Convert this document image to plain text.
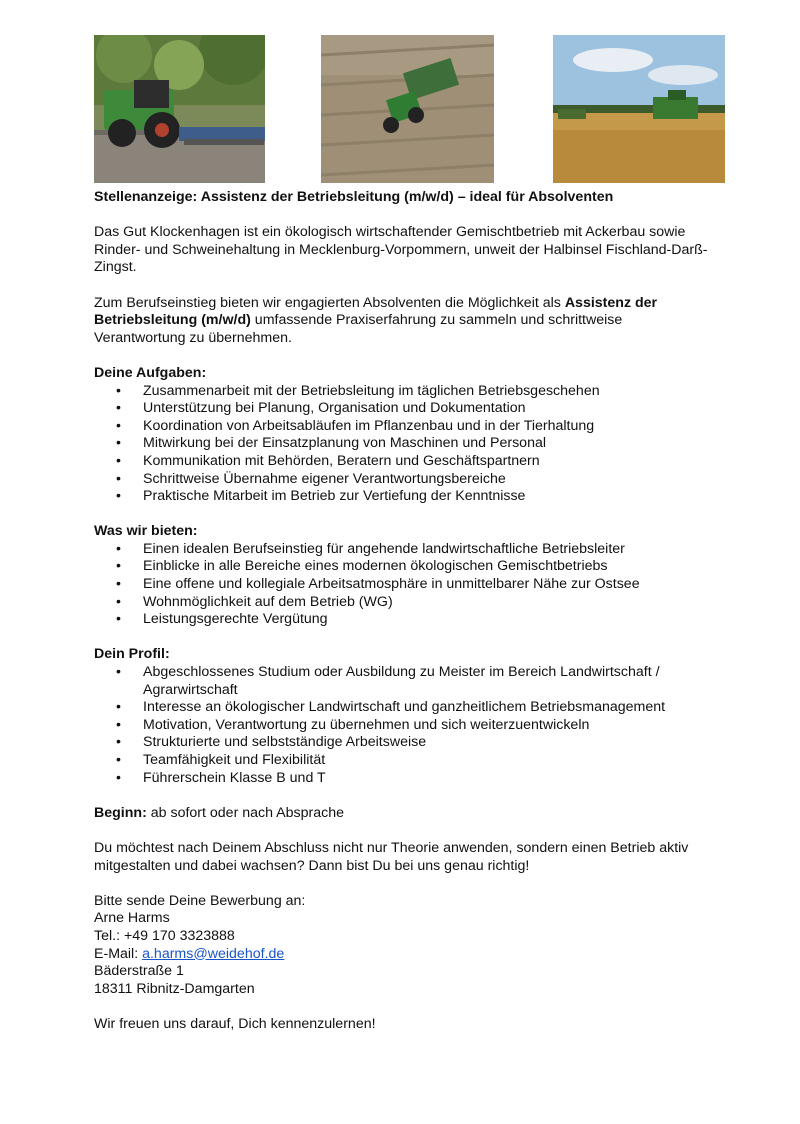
Stellenanzeige: Assistenz der Betriebsleitung (m/w/d) – ideal für Absolventen

Das Gut Klockenhagen ist ein ökologisch wirtschaftender Gemischtbetrieb mit Ackerbau sowie Rinder- und Schweinehaltung in Mecklenburg-Vorpommern, unweit der Halbinsel Fischland-Darß-Zingst.

Zum Berufseinstieg bieten wir engagierten Absolventen die Möglichkeit als Assistenz der Betriebsleitung (m/w/d) umfassende Praxiserfahrung zu sammeln und schrittweise Verantwortung zu übernehmen.

Deine Aufgaben:

• Zusammenarbeit mit der Betriebsleitung im täglichen Betriebsgeschehen
• Unterstützung bei Planung, Organisation und Dokumentation
• Koordination von Arbeitsabläufen im Pflanzenbau und in der Tierhaltung
• Mitwirkung bei der Einsatzplanung von Maschinen und Personal
• Kommunikation mit Behörden, Beratern und Geschäftspartnern
• Schrittweise Übernahme eigener Verantwortungsbereiche
• Praktische Mitarbeit im Betrieb zur Vertiefung der Kenntnisse

Was wir bieten:

• Einen idealen Berufseinstieg für angehende landwirtschaftliche Betriebsleiter
• Einblicke in alle Bereiche eines modernen ökologischen Gemischtbetriebs
• Eine offene und kollegiale Arbeitsatmosphäre in unmittelbarer Nähe zur Ostsee
• Wohnmöglichkeit auf dem Betrieb (WG)
• Leistungsgerechte Vergütung

Dein Profil:

• Abgeschlossenes Studium oder Ausbildung zu Meister im Bereich Landwirtschaft / Agrarwirtschaft
• Interesse an ökologischer Landwirtschaft und ganzheitlichem Betriebsmanagement
• Motivation, Verantwortung zu übernehmen und sich weiterzuentwickeln
• Strukturierte und selbstständige Arbeitsweise
• Teamfähigkeit und Flexibilität
• Führerschein Klasse B und T

Beginn: ab sofort oder nach Absprache

Du möchtest nach Deinem Abschluss nicht nur Theorie anwenden, sondern einen Betrieb aktiv mitgestalten und dabei wachsen? Dann bist Du bei uns genau richtig!

Bitte sende Deine Bewerbung an:

Arne Harms

Tel.: +49 170 3323888

E-Mail: a.harms@weidehof.de

Bäderstraße 1

18311 Ribnitz-Damgarten

Wir freuen uns darauf, Dich kennenzulernen!
